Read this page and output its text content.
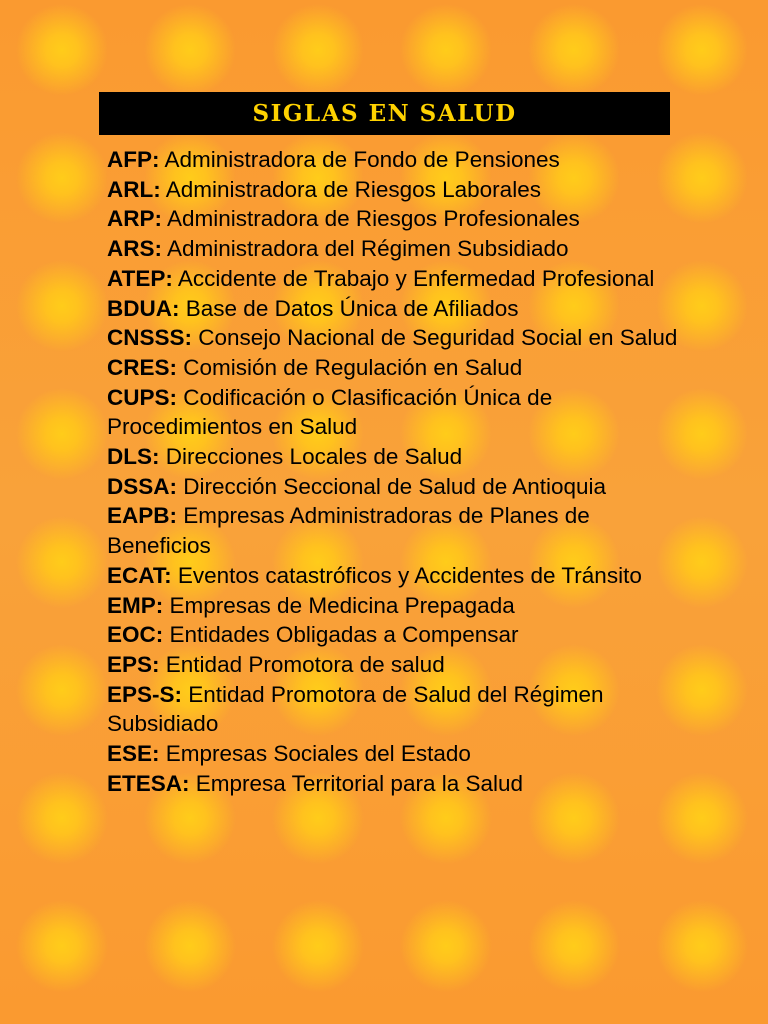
SIGLAS EN SALUD
AFP: Administradora de Fondo de Pensiones
ARL: Administradora de Riesgos Laborales
ARP: Administradora de Riesgos Profesionales
ARS: Administradora del Régimen Subsidiado
ATEP: Accidente de Trabajo y Enfermedad Profesional
BDUA: Base de Datos Única de Afiliados
CNSSS: Consejo Nacional de Seguridad Social en Salud
CRES: Comisión de Regulación en Salud
CUPS: Codificación o Clasificación Única de Procedimientos en Salud
DLS: Direcciones Locales de Salud
DSSA: Dirección Seccional de Salud de Antioquia
EAPB: Empresas Administradoras de Planes de Beneficios
ECAT: Eventos catastróficos y Accidentes de Tránsito
EMP: Empresas de Medicina Prepagada
EOC: Entidades Obligadas a Compensar
EPS: Entidad Promotora de salud
EPS-S: Entidad Promotora de Salud del Régimen Subsidiado
ESE: Empresas Sociales del Estado
ETESA: Empresa Territorial para la Salud
